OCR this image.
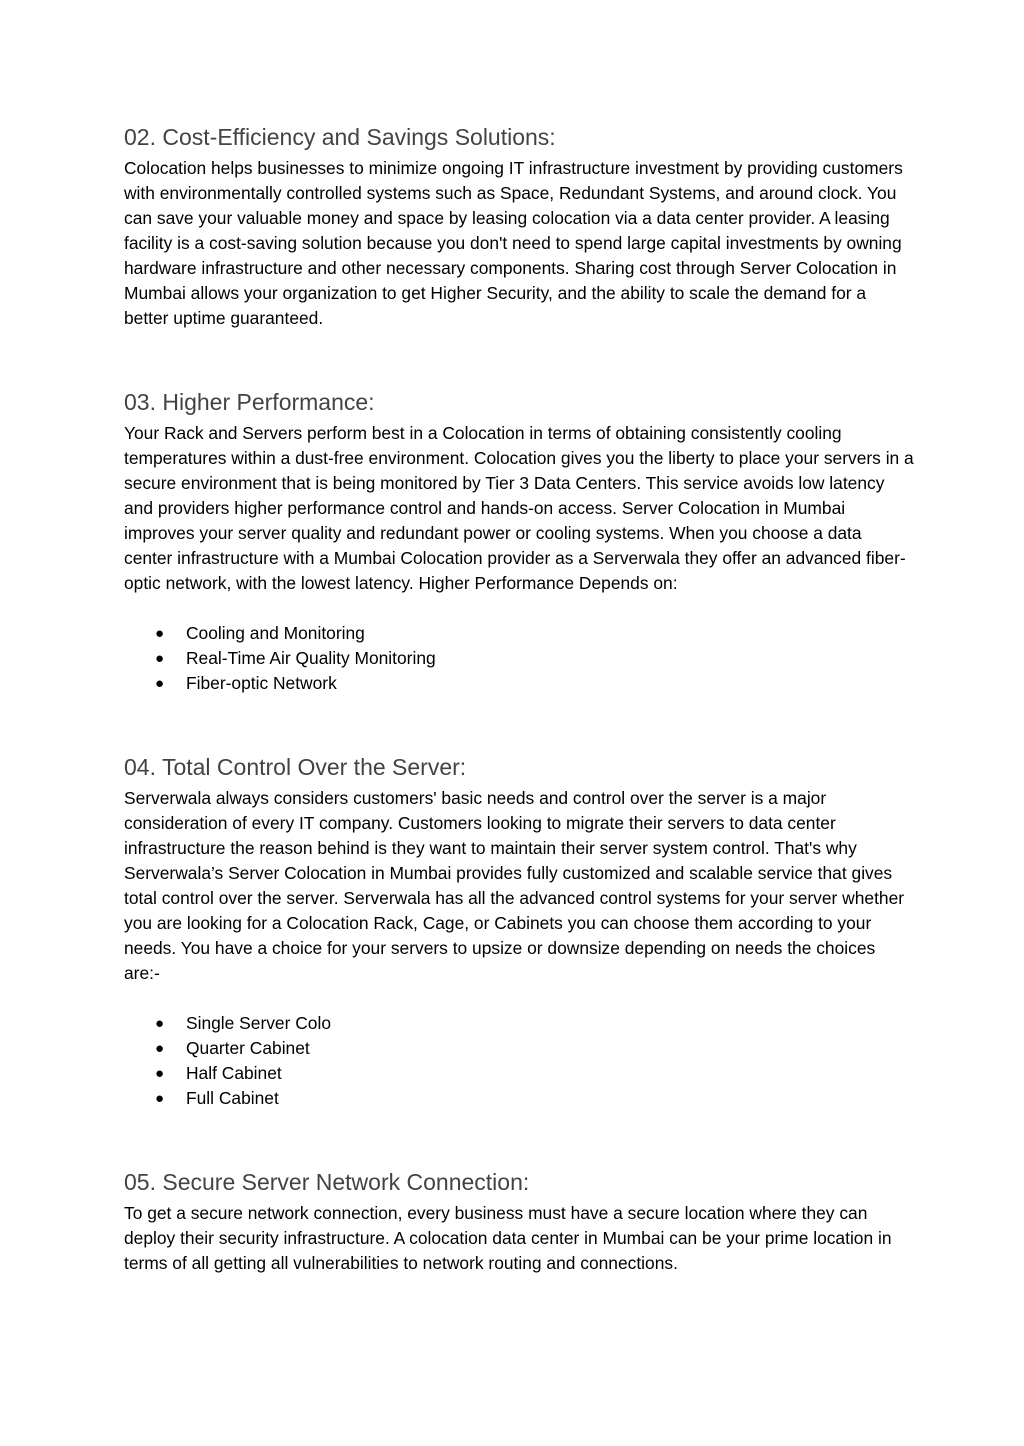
02. Cost-Efficiency and Savings Solutions:

Colocation helps businesses to minimize ongoing IT infrastructure investment by providing customers with environmentally controlled systems such as Space, Redundant Systems, and around clock. You can save your valuable money and space by leasing colocation via a data center provider. A leasing facility is a cost-saving solution because you don't need to spend large capital investments by owning hardware infrastructure and other necessary components. Sharing cost through Server Colocation in Mumbai allows your organization to get Higher Security, and the ability to scale the demand for a better uptime guaranteed.

03. Higher Performance:

Your Rack and Servers perform best in a Colocation in terms of obtaining consistently cooling temperatures within a dust-free environment. Colocation gives you the liberty to place your servers in a secure environment that is being monitored by Tier 3 Data Centers. This service avoids low latency and providers higher performance control and hands-on access. Server Colocation in Mumbai improves your server quality and redundant power or cooling systems. When you choose a data center infrastructure with a Mumbai Colocation provider as a Serverwala they offer an advanced fiber-optic network, with the lowest latency. Higher Performance Depends on:

● Cooling and Monitoring
● Real-Time Air Quality Monitoring
● Fiber-optic Network
04. Total Control Over the Server:

Serverwala always considers customers' basic needs and control over the server is a major consideration of every IT company. Customers looking to migrate their servers to data center infrastructure the reason behind is they want to maintain their server system control. That's why Serverwala’s Server Colocation in Mumbai provides fully customized and scalable service that gives total control over the server. Serverwala has all the advanced control systems for your server whether you are looking for a Colocation Rack, Cage, or Cabinets you can choose them according to your needs. You have a choice for your servers to upsize or downsize depending on needs the choices are:-

● Single Server Colo
● Quarter Cabinet
● Half Cabinet
● Full Cabinet
05. Secure Server Network Connection:

To get a secure network connection, every business must have a secure location where they can deploy their security infrastructure. A colocation data center in Mumbai can be your prime location in terms of all getting all vulnerabilities to network routing and connections.
